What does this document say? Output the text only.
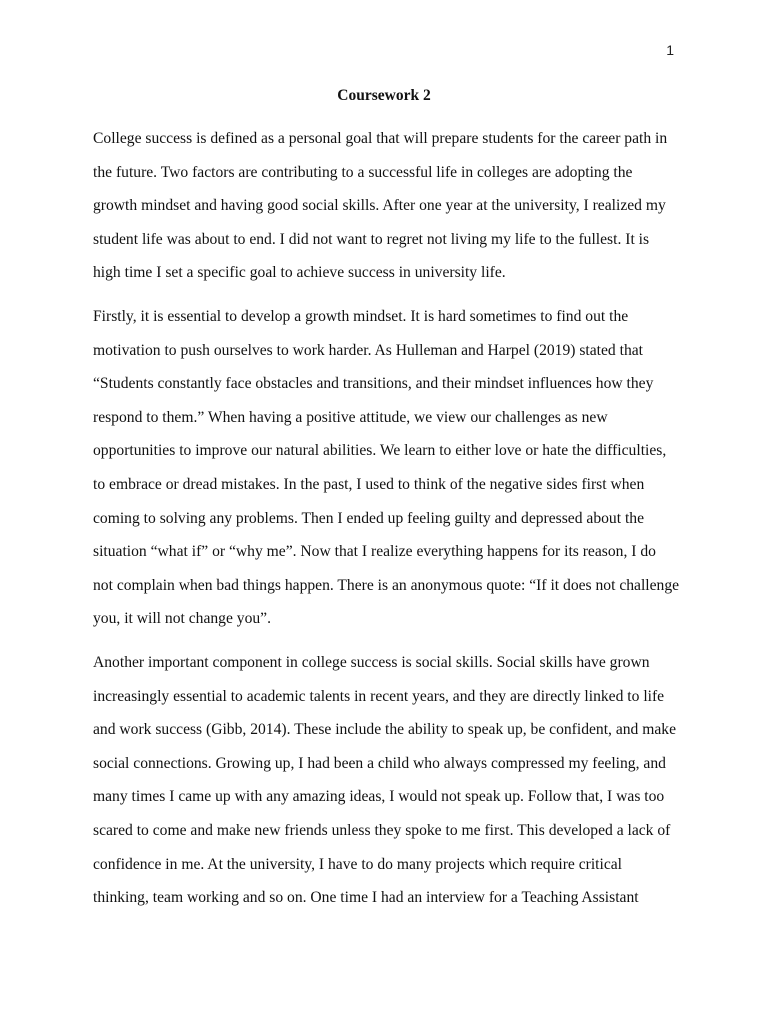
1
Coursework 2
College success is defined as a personal goal that will prepare students for the career path in
the future. Two factors are contributing to a successful life in colleges are adopting the
growth mindset and having good social skills. After one year at the university, I realized my
student life was about to end. I did not want to regret not living my life to the fullest. It is
high time I set a specific goal to achieve success in university life.
Firstly, it is essential to develop a growth mindset. It is hard sometimes to find out the
motivation to push ourselves to work harder. As Hulleman and Harpel (2019) stated that
“Students constantly face obstacles and transitions, and their mindset influences how they
respond to them.” When having a positive attitude, we view our challenges as new
opportunities to improve our natural abilities. We learn to either love or hate the difficulties,
to embrace or dread mistakes. In the past, I used to think of the negative sides first when
coming to solving any problems. Then I ended up feeling guilty and depressed about the
situation “what if” or “why me”. Now that I realize everything happens for its reason, I do
not complain when bad things happen. There is an anonymous quote: “If it does not challenge
you, it will not change you”.
Another important component in college success is social skills. Social skills have grown
increasingly essential to academic talents in recent years, and they are directly linked to life
and work success (Gibb, 2014). These include the ability to speak up, be confident, and make
social connections. Growing up, I had been a child who always compressed my feeling, and
many times I came up with any amazing ideas, I would not speak up. Follow that, I was too
scared to come and make new friends unless they spoke to me first. This developed a lack of
confidence in me. At the university, I have to do many projects which require critical
thinking, team working and so on. One time I had an interview for a Teaching Assistant
